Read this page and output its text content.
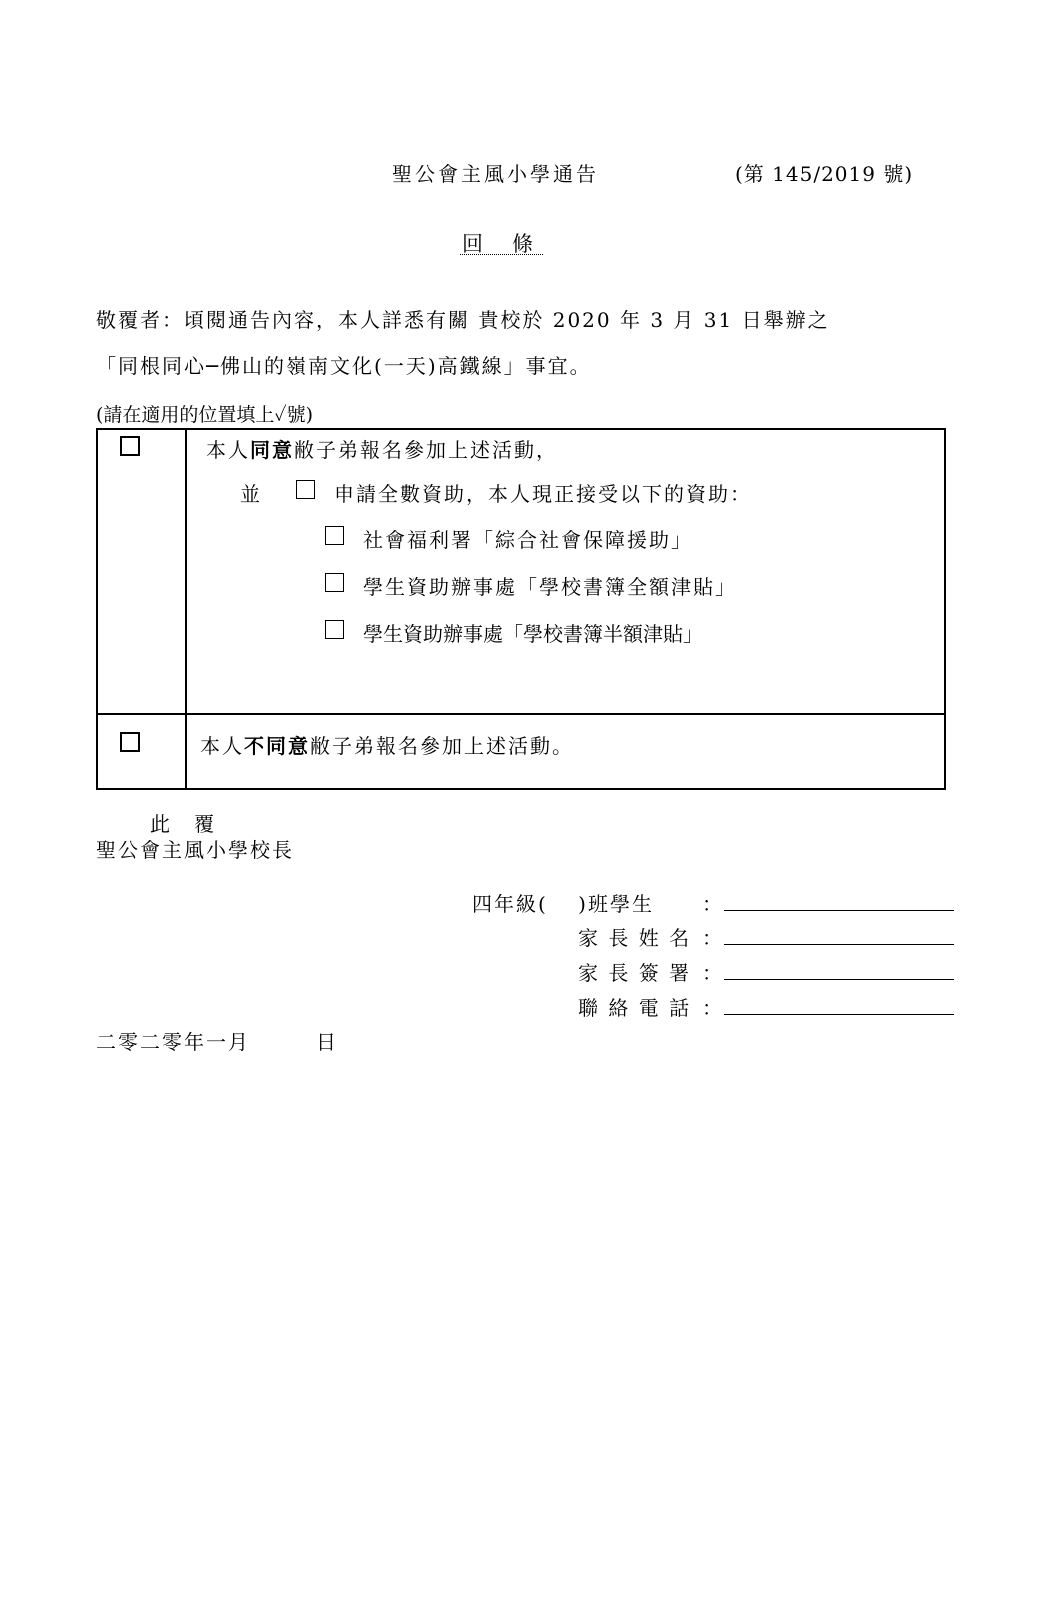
聖公會主風小學通告	(第 145/2019 號)
回　條
敬覆者：頃閱通告內容，本人詳悉有關 貴校於 2020 年 3 月 31 日舉辦之
「同根同心─佛山的嶺南文化(一天)高鐵線」事宜。
(請在適用的位置填上✓號)
本人同意敝子弟報名參加上述活動，
並	申請全數資助，本人現正接受以下的資助：
社會福利署「綜合社會保障援助」
學生資助辦事處「學校書簿全額津貼」
學生資助辦事處「學校書簿半額津貼」
本人不同意敝子弟報名參加上述活動。
此　覆
聖公會主風小學校長
四年級(　 )班學生 ：
家 長 姓 名 ：
家 長 簽 署 ：
聯 絡 電 話 ：
二零二零年一月　　　日
